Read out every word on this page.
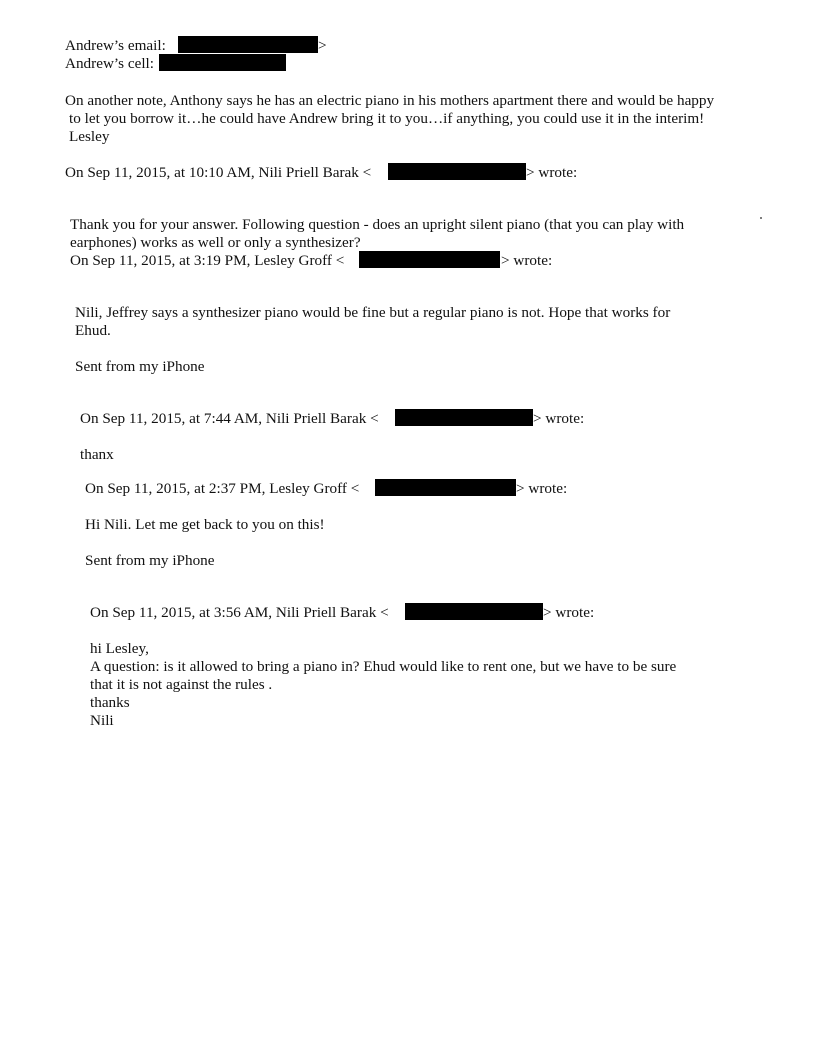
Andrew’s email:	>
Andrew’s cell:
On another note, Anthony says he has an electric piano in his mothers apartment there and would be happy
to let you borrow it…he could have Andrew bring it to you…if anything, you could use it in the interim!
Lesley
On Sep 11, 2015, at 10:10 AM, Nili Priell Barak <	> wrote:
Thank you for your answer. Following question - does an upright silent piano (that you can play with
earphones) works as well or only a synthesizer?
On Sep 11, 2015, at 3:19 PM, Lesley Groff <	> wrote:
Nili, Jeffrey says a synthesizer piano would be fine but a regular piano is not. Hope that works for
Ehud.
Sent from my iPhone
On Sep 11, 2015, at 7:44 AM, Nili Priell Barak <	> wrote:
thanx
On Sep 11, 2015, at 2:37 PM, Lesley Groff <	> wrote:
Hi Nili. Let me get back to you on this!
Sent from my iPhone
On Sep 11, 2015, at 3:56 AM, Nili Priell Barak <	> wrote:
hi Lesley,
A question: is it allowed to bring a piano in? Ehud would like to rent one, but we have to be sure
that it is not against the rules .
thanks
Nili
